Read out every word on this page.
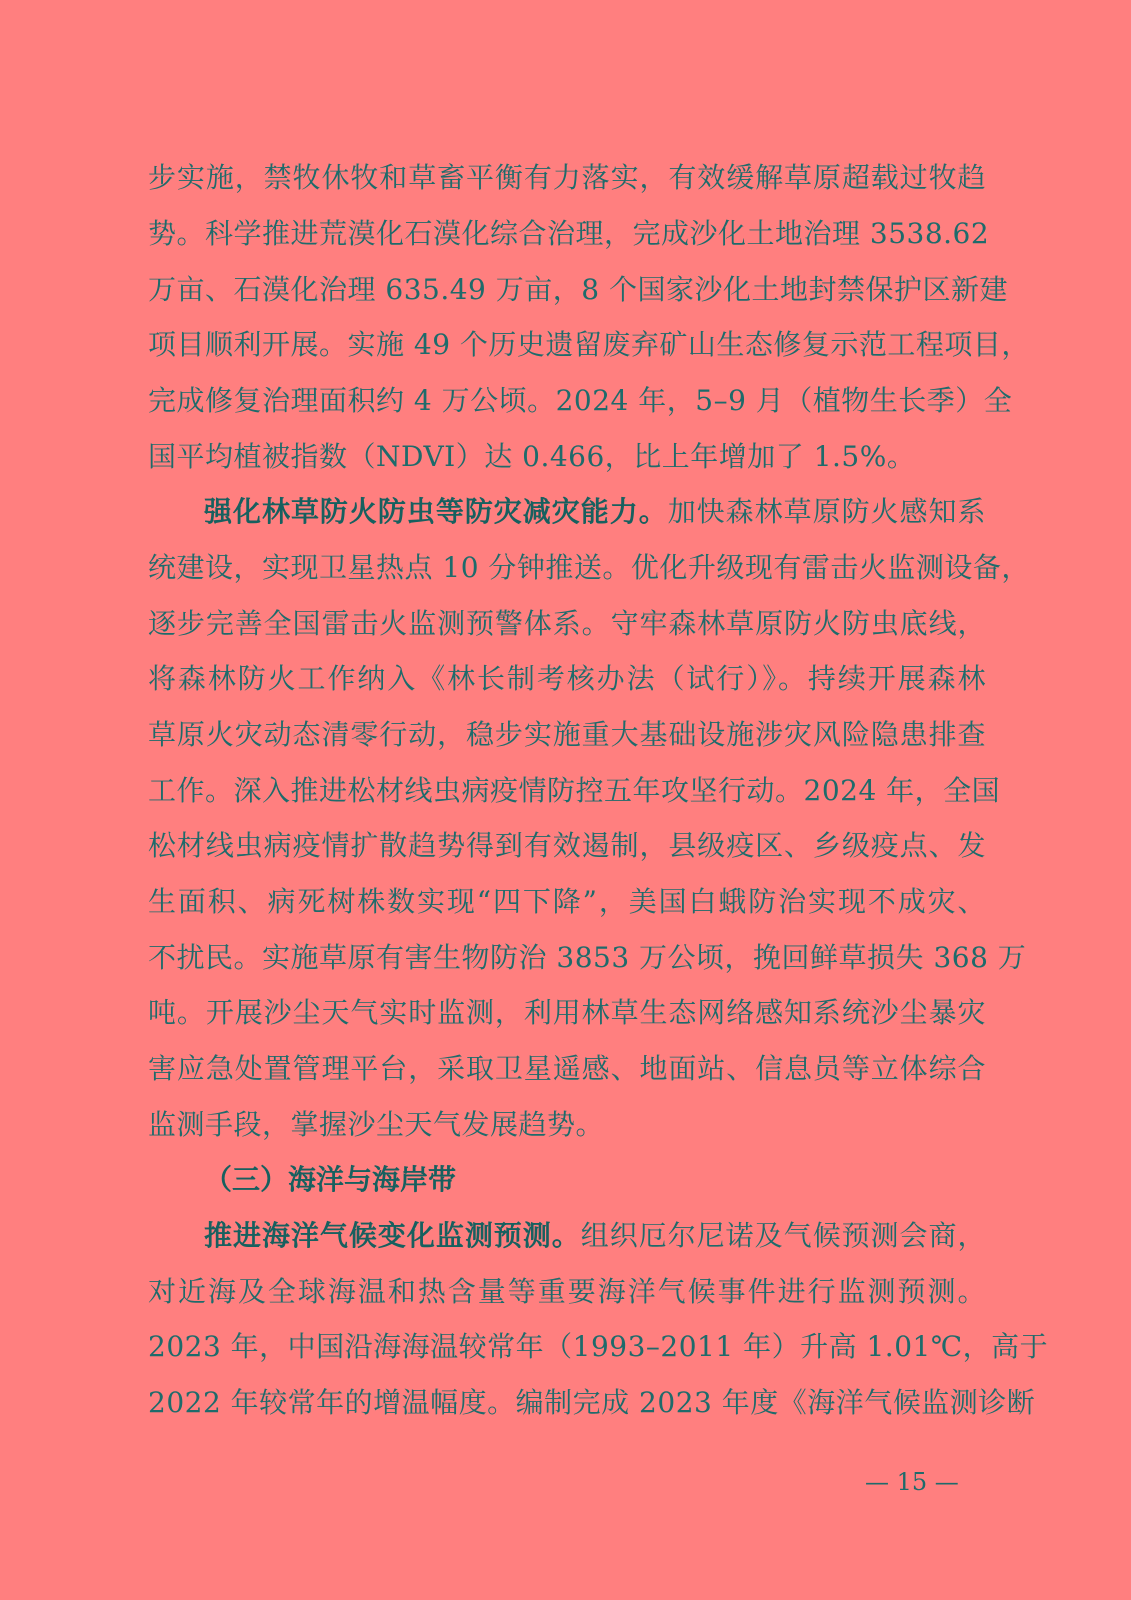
步实施，禁牧休牧和草畜平衡有力落实，有效缓解草原超载过牧趋
势。科学推进荒漠化石漠化综合治理，完成沙化土地治理 3538.62
万亩、石漠化治理 635.49 万亩，8 个国家沙化土地封禁保护区新建
项目顺利开展。实施 49 个历史遗留废弃矿山生态修复示范工程项目，
完成修复治理面积约 4 万公顷。2024 年，5–9 月（植物生长季）全
国平均植被指数（NDVI）达 0.466，比上年增加了 1.5%。
强化林草防火防虫等防灾减灾能力。加快森林草原防火感知系
统建设，实现卫星热点 10 分钟推送。优化升级现有雷击火监测设备，
逐步完善全国雷击火监测预警体系。守牢森林草原防火防虫底线，
将森林防火工作纳入《林长制考核办法（试行）》。持续开展森林
草原火灾动态清零行动，稳步实施重大基础设施涉灾风险隐患排查
工作。深入推进松材线虫病疫情防控五年攻坚行动。2024 年，全国
松材线虫病疫情扩散趋势得到有效遏制，县级疫区、乡级疫点、发
生面积、病死树株数实现“四下降”，美国白蛾防治实现不成灾、
不扰民。实施草原有害生物防治 3853 万公顷，挽回鲜草损失 368 万
吨。开展沙尘天气实时监测，利用林草生态网络感知系统沙尘暴灾
害应急处置管理平台，采取卫星遥感、地面站、信息员等立体综合
监测手段，掌握沙尘天气发展趋势。
（三）海洋与海岸带
推进海洋气候变化监测预测。组织厄尔尼诺及气候预测会商，
对近海及全球海温和热含量等重要海洋气候事件进行监测预测。
2023 年，中国沿海海温较常年（1993–2011 年）升高 1.01℃，高于
2022 年较常年的增温幅度。编制完成 2023 年度《海洋气候监测诊断
— 15 —
